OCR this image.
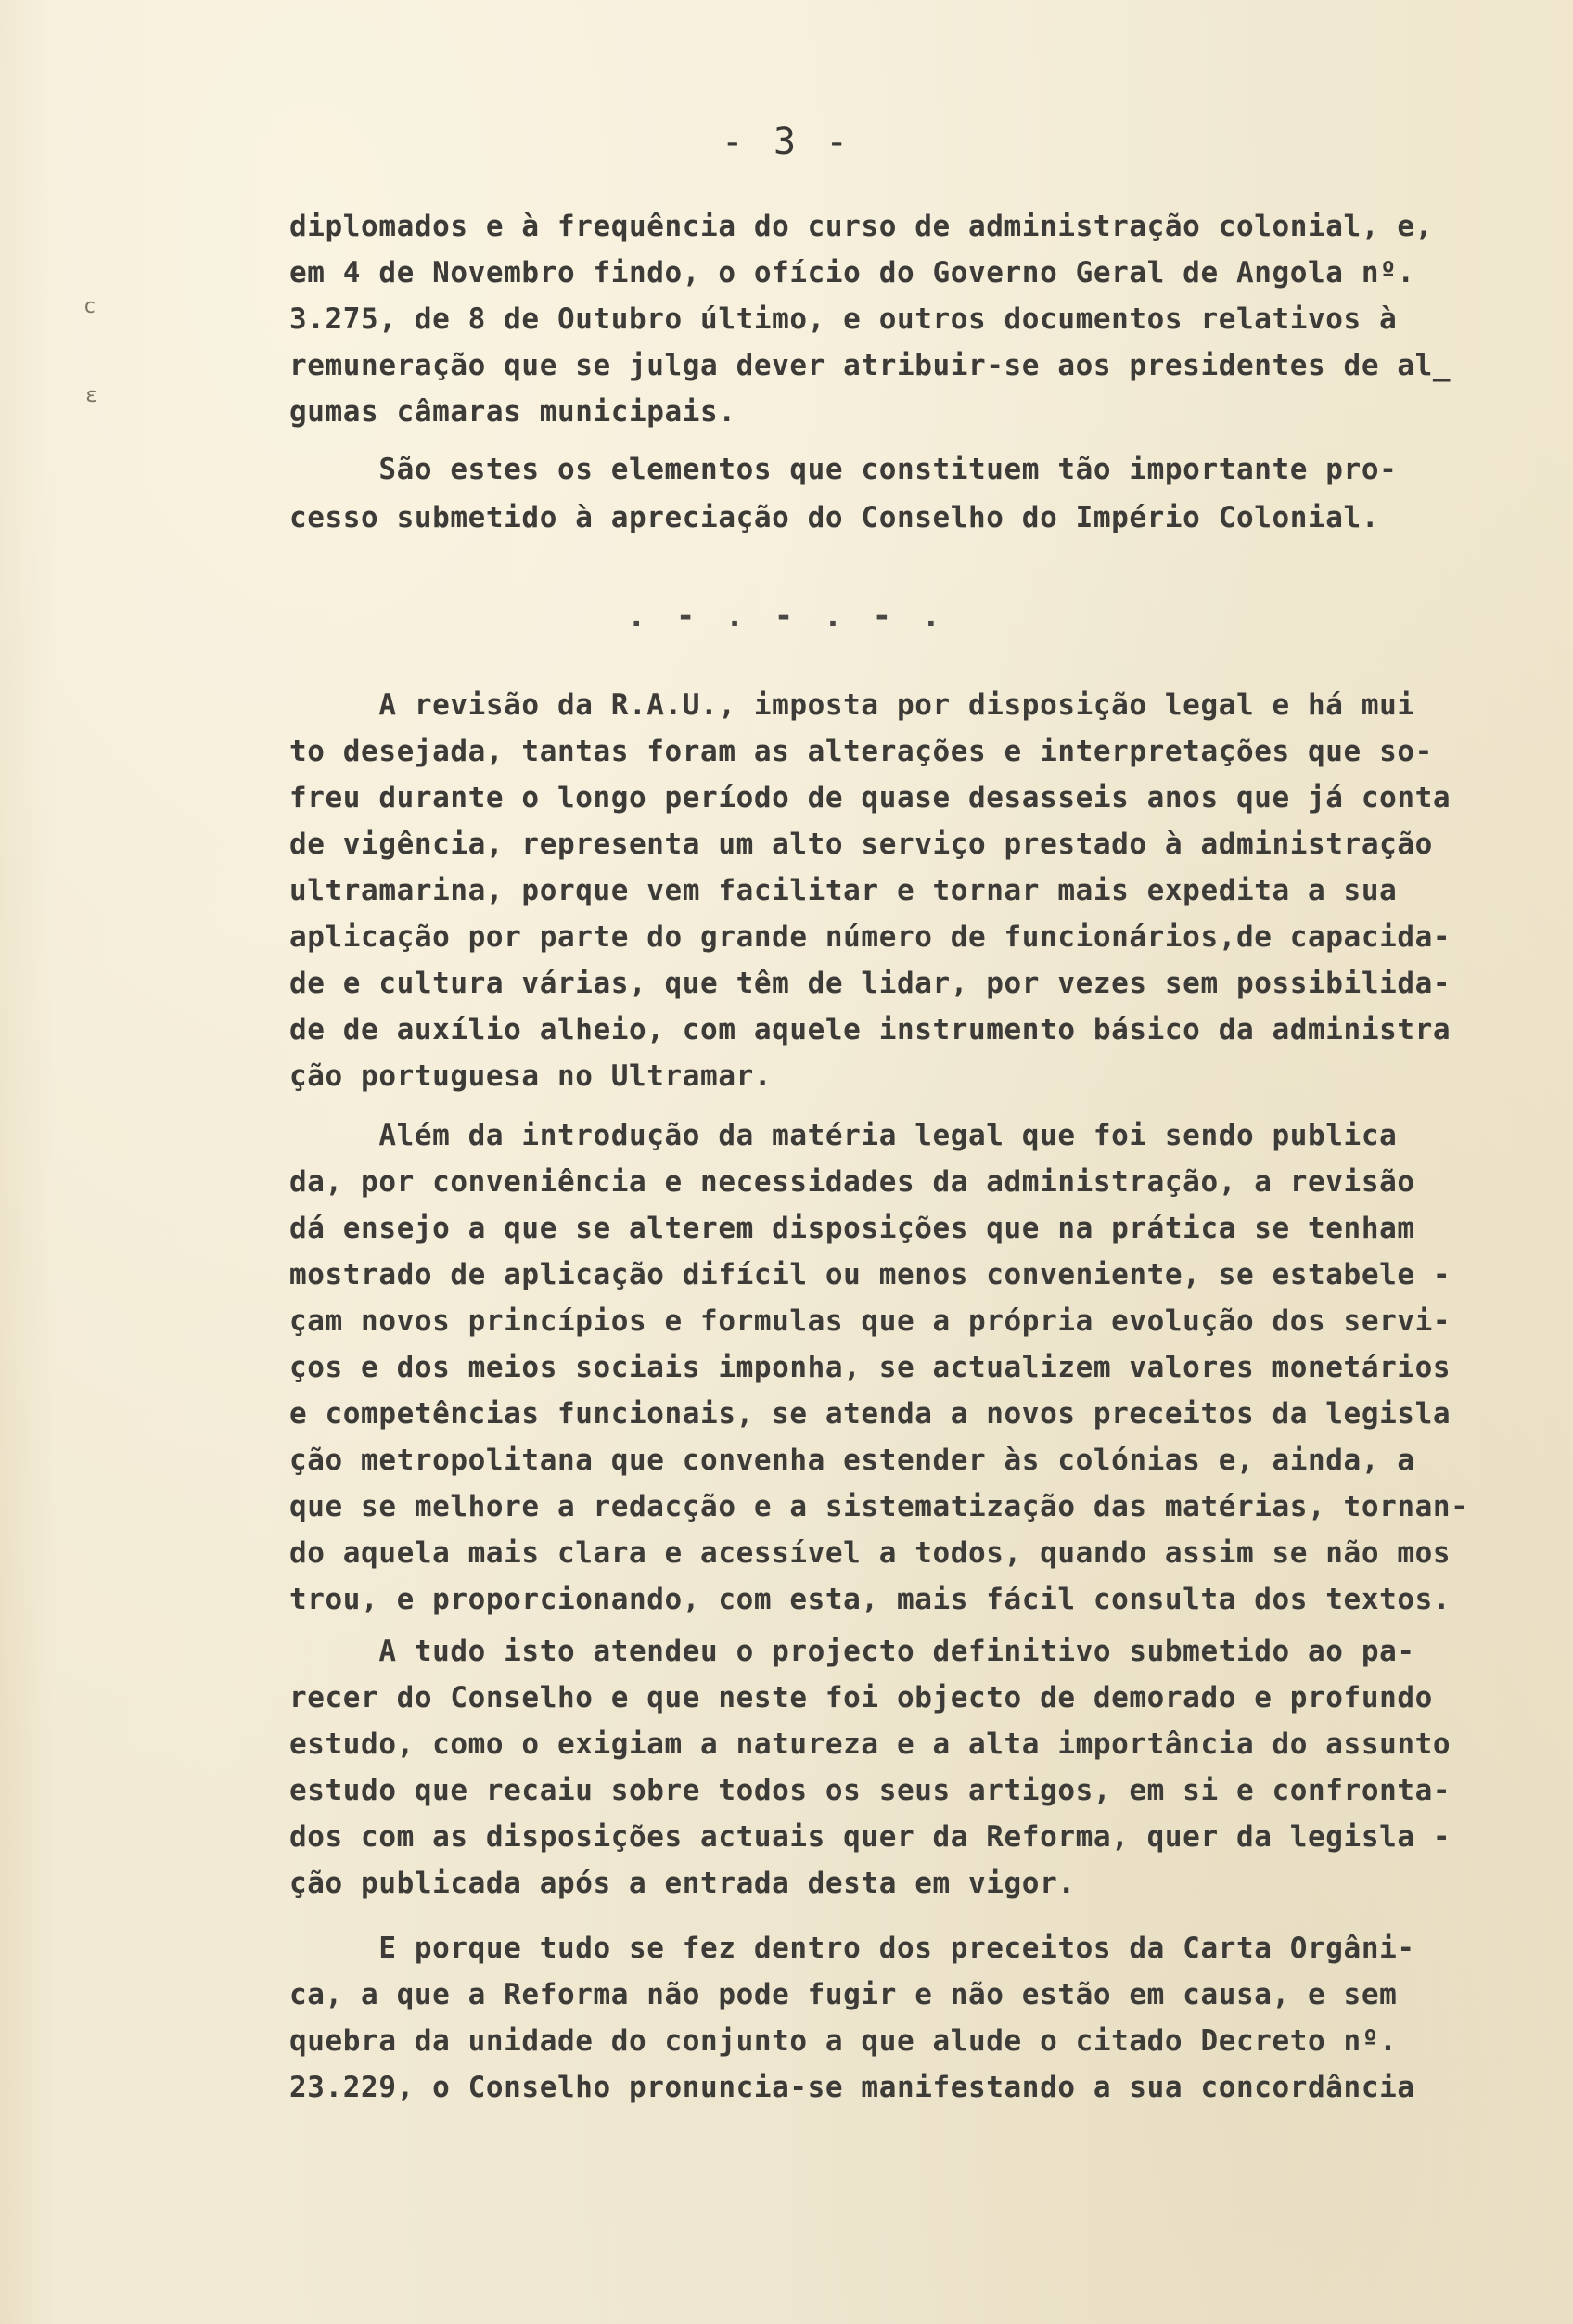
c
ɛ
- 3 -
diplomados e à frequência do curso de administração colonial, e,
em 4 de Novembro findo, o ofício do Governo Geral de Angola nº.
3.275, de 8 de Outubro último, e outros documentos relativos à
remuneração que se julga dever atribuir-se aos presidentes de al_
gumas câmaras municipais.
São estes os elementos que constituem tão importante pro-
cesso submetido à apreciação do Conselho do Império Colonial.
. - . - . - .
A revisão da R.A.U., imposta por disposição legal e há mui
to desejada, tantas foram as alterações e interpretações que so-
freu durante o longo período de quase desasseis anos que já conta
de vigência, representa um alto serviço prestado à administração
ultramarina, porque vem facilitar e tornar mais expedita a sua
aplicação por parte do grande número de funcionários,de capacida-
de e cultura várias, que têm de lidar, por vezes sem possibilida-
de de auxílio alheio, com aquele instrumento básico da administra
ção portuguesa no Ultramar.
Além da introdução da matéria legal que foi sendo publica
da, por conveniência e necessidades da administração, a revisão
dá ensejo a que se alterem disposições que na prática se tenham
mostrado de aplicação difícil ou menos conveniente, se estabele -
çam novos princípios e formulas que a própria evolução dos servi-
ços e dos meios sociais imponha, se actualizem valores monetários
e competências funcionais, se atenda a novos preceitos da legisla
ção metropolitana que convenha estender às colónias e, ainda, a
que se melhore a redacção e a sistematização das matérias, tornan-
do aquela mais clara e acessível a todos, quando assim se não mos
trou, e proporcionando, com esta, mais fácil consulta dos textos.
A tudo isto atendeu o projecto definitivo submetido ao pa-
recer do Conselho e que neste foi objecto de demorado e profundo
estudo, como o exigiam a natureza e a alta importância do assunto
estudo que recaiu sobre todos os seus artigos, em si e confronta-
dos com as disposições actuais quer da Reforma, quer da legisla -
ção publicada após a entrada desta em vigor.
E porque tudo se fez dentro dos preceitos da Carta Orgâni-
ca, a que a Reforma não pode fugir e não estão em causa, e sem
quebra da unidade do conjunto a que alude o citado Decreto nº.
23.229, o Conselho pronuncia-se manifestando a sua concordância
